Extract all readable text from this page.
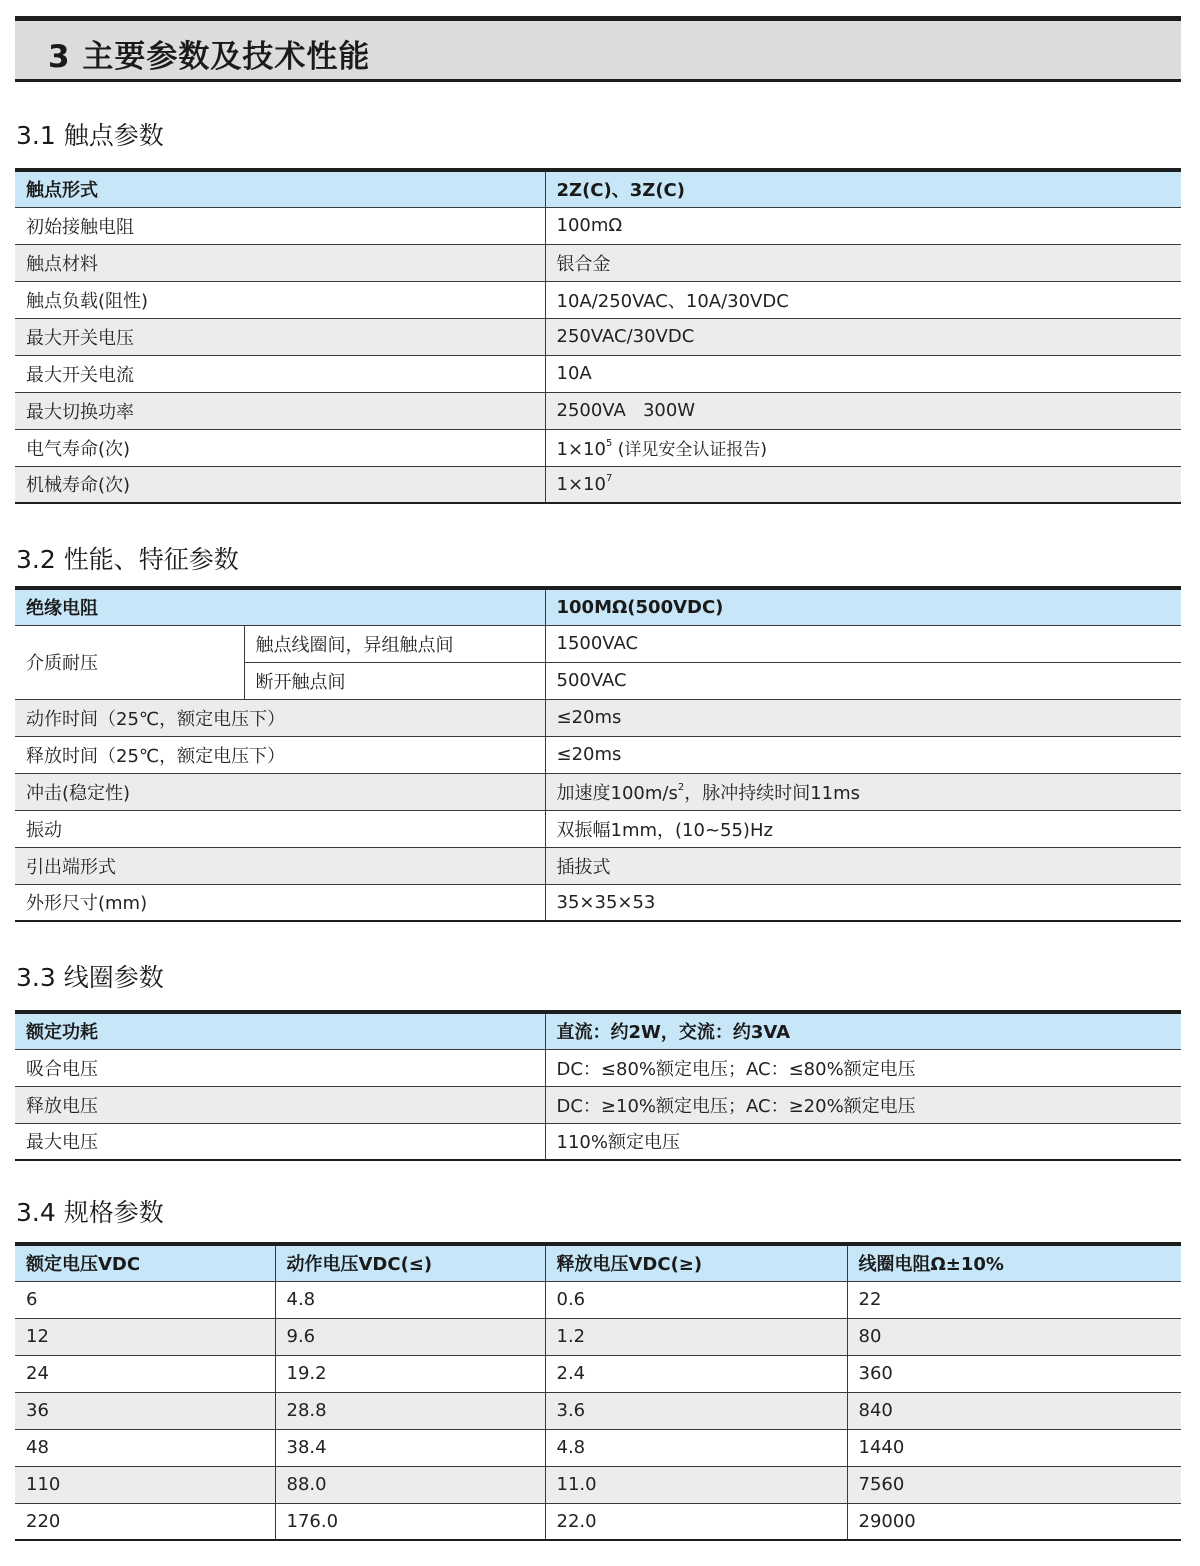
3 主要参数及技术性能
3.1 触点参数
触点形式	2Z(C)、3Z(C)
初始接触电阻	100mΩ
触点材料	银合金
触点负载(阻性)	10A/250VAC、10A/30VDC
最大开关电压	250VAC/30VDC
最大开关电流	10A
最大切换功率	2500VA   300W
电气寿命(次)	$1\times 10^5$ (详见安全认证报告)
机械寿命(次)	$1\times 10^7$
3.2 性能、特征参数
绝缘电阻		100MΩ(500VDC)
介质耐压	触点线圈间，异组触点间	1500VAC
	断开触点间	500VAC
动作时间（25℃，额定电压下）		≤20ms
释放时间（25℃，额定电压下）		≤20ms
冲击(稳定性)		加速度$100m/s^2$，脉冲持续时间11ms
振动		双振幅1mm，(10~55)Hz
引出端形式		插拔式
外形尺寸(mm)		35×35×53
3.3 线圈参数
额定功耗	直流：约2W，交流：约3VA
吸合电压	DC：≤80%额定电压；AC：≤80%额定电压
释放电压	DC：≥10%额定电压；AC：≥20%额定电压
最大电压	110%额定电压
3.4 规格参数
额定电压VDC	动作电压VDC(≤)	释放电压VDC(≥)	线圈电阻Ω±10%
6	4.8	0.6	22
12	9.6	1.2	80
24	19.2	2.4	360
36	28.8	3.6	840
48	38.4	4.8	1440
110	88.0	11.0	7560
220	176.0	22.0	29000
